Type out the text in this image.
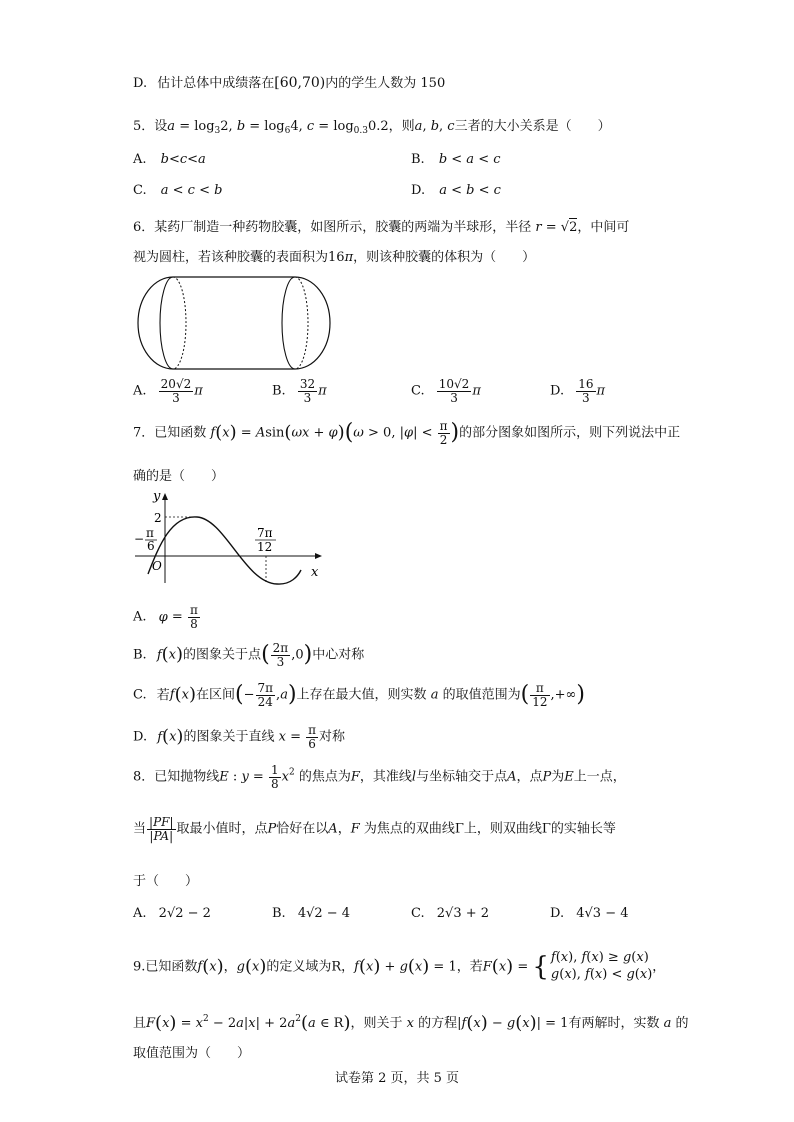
D. 估计总体中成绩落在[60,70)内的学生人数为 150
5．设$a = \log_32$, $b = \log_64$, $c = \log_{0.3}0.2$，则a, b, c三者的大小关系是（　　）
A. b<c<a	B. b < a < c
C. a < c < b	D. a < b < c
6．某药厂制造一种药物胶囊，如图所示，胶囊的两端为半球形，半径 r = √2，中间可
视为圆柱，若该种胶囊的表面积为16π，则该种胶囊的体积为（　　）
A. $\frac{20√2}{3}$ π	B. $\frac{32}{3}$ π	C. $\frac{10√2}{3}$ π	D. $\frac{16}{3}$ π
7．已知函数 f(x) = Asin(ωx + φ)(ω > 0, $|\varphi| < \frac{\pi}{2}$ )的部分图象如图所示，则下列说法中正
确的是（　　）
y
x
O
2
− π
6
7π
12
A. $\varphi = \frac{\pi}{8}$
B. f(x)的图象关于点( $\frac{2\pi}{3} ,0$)中心对称
C. 若f(x)在区间(− $\frac{7\pi}{24} ,a$)上存在最大值，则实数 a 的取值范围为( $\frac{\pi}{12}$ ,+∞)
D. f(x)的图象关于直线 $x = \frac{\pi}{6}$ 对称
8．已知抛物线E : $y = \frac{1}{8} x^2$ 的焦点为F，其准线l与坐标轴交于点A，点P为E上一点，
当 $\frac{|PF|}{|PA|}$ 取最小值时，点P恰好在以A，F 为焦点的双曲线Γ上，则双曲线Γ的实轴长等
于（　　）
A. 2√2 − 2	B. 4√2 − 4	C. 2√3 + 2	D. 4√3 − 4
9.已知函数f(x)，g(x)的定义域为R，f(x) + g(x) = 1，若F(x) = { f(x), f(x) ≥ g(x)
g(x), f(x) < g(x) ，
且$F(x) = x^2 - 2a|x| + 2a^2(a$ ∈ R)，则关于 x 的方程|f(x) − g(x)| = 1有两解时，实数 a 的
取值范围为（　　）
试卷第 2 页，共 5 页
